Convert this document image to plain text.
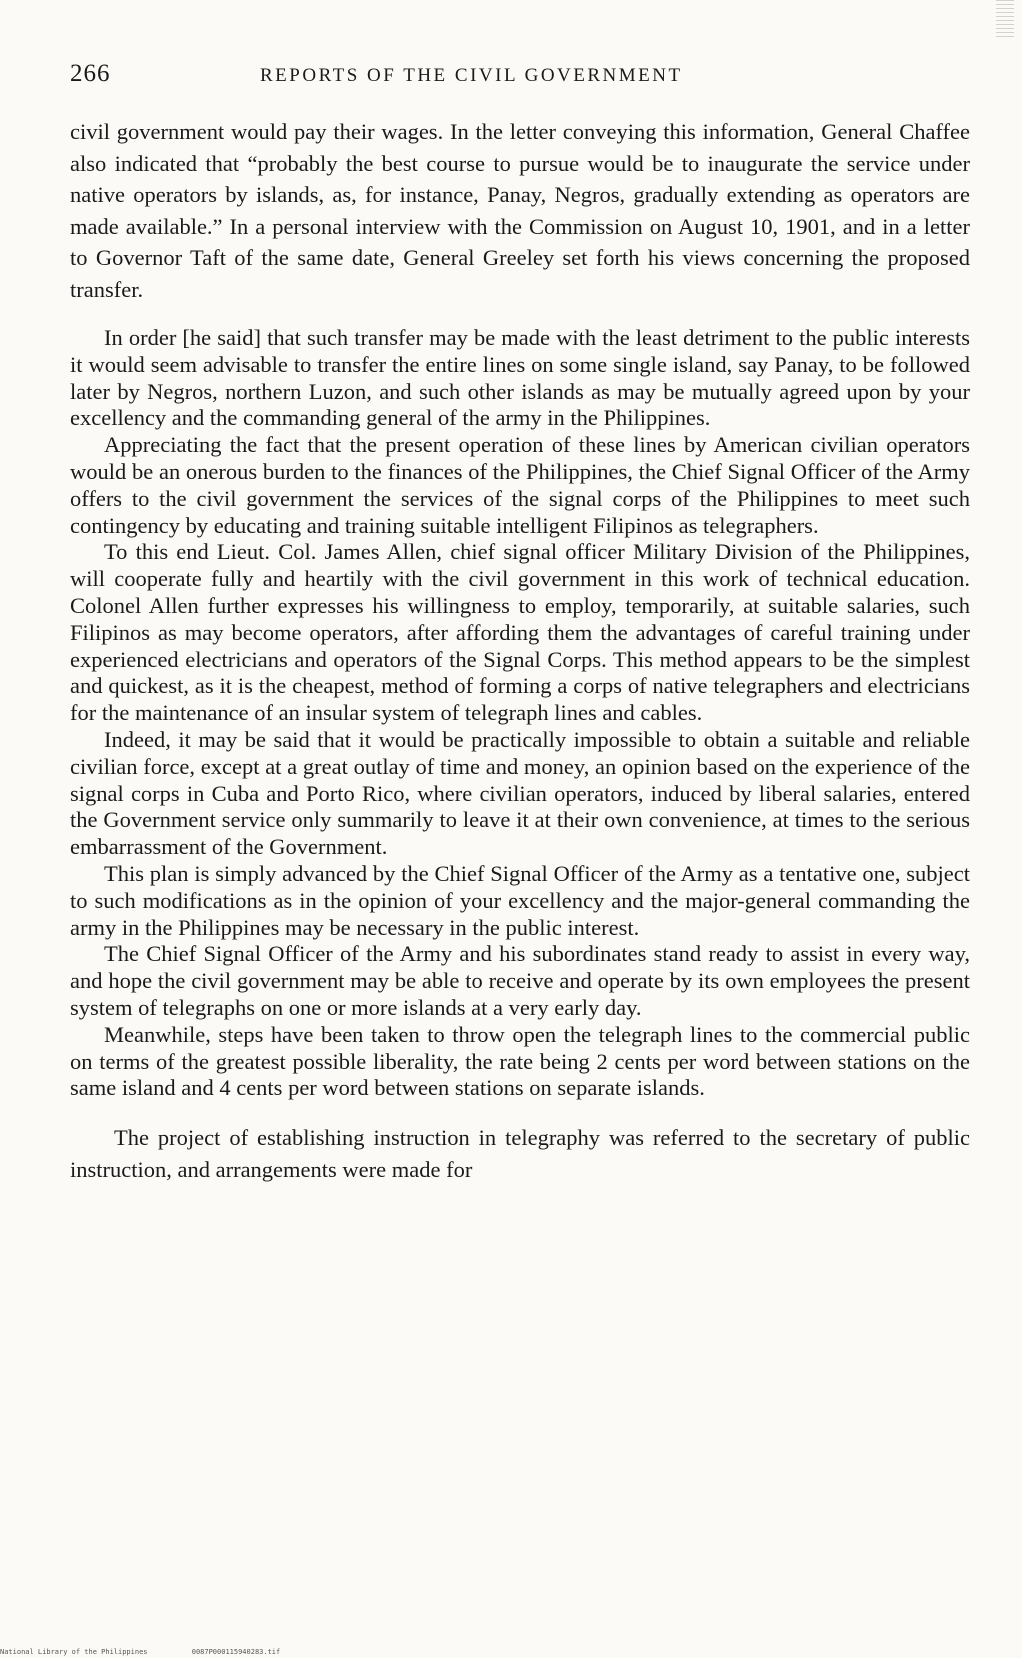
266	REPORTS OF THE CIVIL GOVERNMENT

civil government would pay their wages. In the letter conveying this information, General Chaffee also indicated that “probably the best course to pursue would be to inaugurate the service under native operators by islands, as, for instance, Panay, Negros, gradually extending as operators are made available.” In a personal interview with the Commission on August 10, 1901, and in a letter to Governor Taft of the same date, General Greeley set forth his views concerning the proposed transfer.

In order [he said] that such transfer may be made with the least detriment to the public interests it would seem advisable to transfer the entire lines on some single island, say Panay, to be followed later by Negros, northern Luzon, and such other islands as may be mutually agreed upon by your excellency and the commanding general of the army in the Philippines.

Appreciating the fact that the present operation of these lines by American civilian operators would be an onerous burden to the finances of the Philippines, the Chief Signal Officer of the Army offers to the civil government the services of the signal corps of the Philippines to meet such contingency by educating and training suitable intelligent Filipinos as telegraphers.

To this end Lieut. Col. James Allen, chief signal officer Military Division of the Philippines, will cooperate fully and heartily with the civil government in this work of technical education. Colonel Allen further expresses his willingness to employ, temporarily, at suitable salaries, such Filipinos as may become operators, after affording them the advantages of careful training under experienced electricians and operators of the Signal Corps. This method appears to be the simplest and quickest, as it is the cheapest, method of forming a corps of native telegraphers and electricians for the maintenance of an insular system of telegraph lines and cables.

Indeed, it may be said that it would be practically impossible to obtain a suitable and reliable civilian force, except at a great outlay of time and money, an opinion based on the experience of the signal corps in Cuba and Porto Rico, where civilian operators, induced by liberal salaries, entered the Government service only summarily to leave it at their own convenience, at times to the serious embarrassment of the Government.

This plan is simply advanced by the Chief Signal Officer of the Army as a tentative one, subject to such modifications as in the opinion of your excellency and the major-general commanding the army in the Philippines may be necessary in the public interest.

The Chief Signal Officer of the Army and his subordinates stand ready to assist in every way, and hope the civil government may be able to receive and operate by its own employees the present system of telegraphs on one or more islands at a very early day.

Meanwhile, steps have been taken to throw open the telegraph lines to the commercial public on terms of the greatest possible liberality, the rate being 2 cents per word between stations on the same island and 4 cents per word between stations on separate islands.

The project of establishing instruction in telegraphy was referred to the secretary of public instruction, and arrangements were made for

National Library of the Philippines	0087P000115940283.tif
